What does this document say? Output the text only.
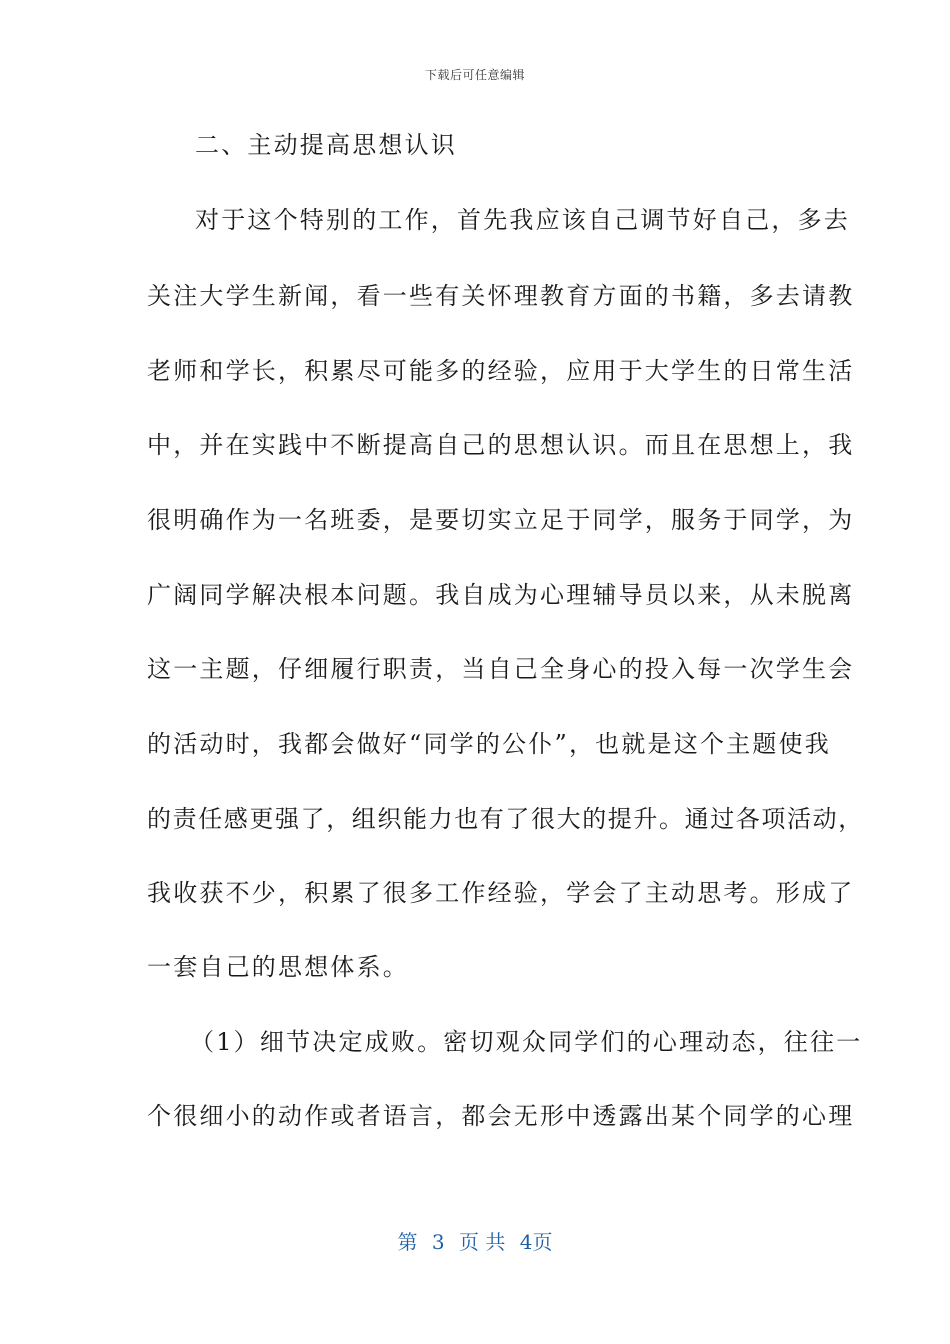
下载后可任意编辑
二、主动提高思想认识
对于这个特别的工作，首先我应该自己调节好自己，多去
关注大学生新闻，看一些有关怀理教育方面的书籍，多去请教
老师和学长，积累尽可能多的经验，应用于大学生的日常生活
中，并在实践中不断提高自己的思想认识。而且在思想上，我
很明确作为一名班委，是要切实立足于同学，服务于同学，为
广阔同学解决根本问题。我自成为心理辅导员以来，从未脱离
这一主题，仔细履行职责，当自己全身心的投入每一次学生会
的活动时，我都会做好“同学的公仆”，也就是这个主题使我
的责任感更强了，组织能力也有了很大的提升。通过各项活动，
我收获不少，积累了很多工作经验，学会了主动思考。形成了
一套自己的思想体系。
（1）细节决定成败。密切观众同学们的心理动态，往往一
个很细小的动作或者语言，都会无形中透露出某个同学的心理
第 3 页 共 4页
